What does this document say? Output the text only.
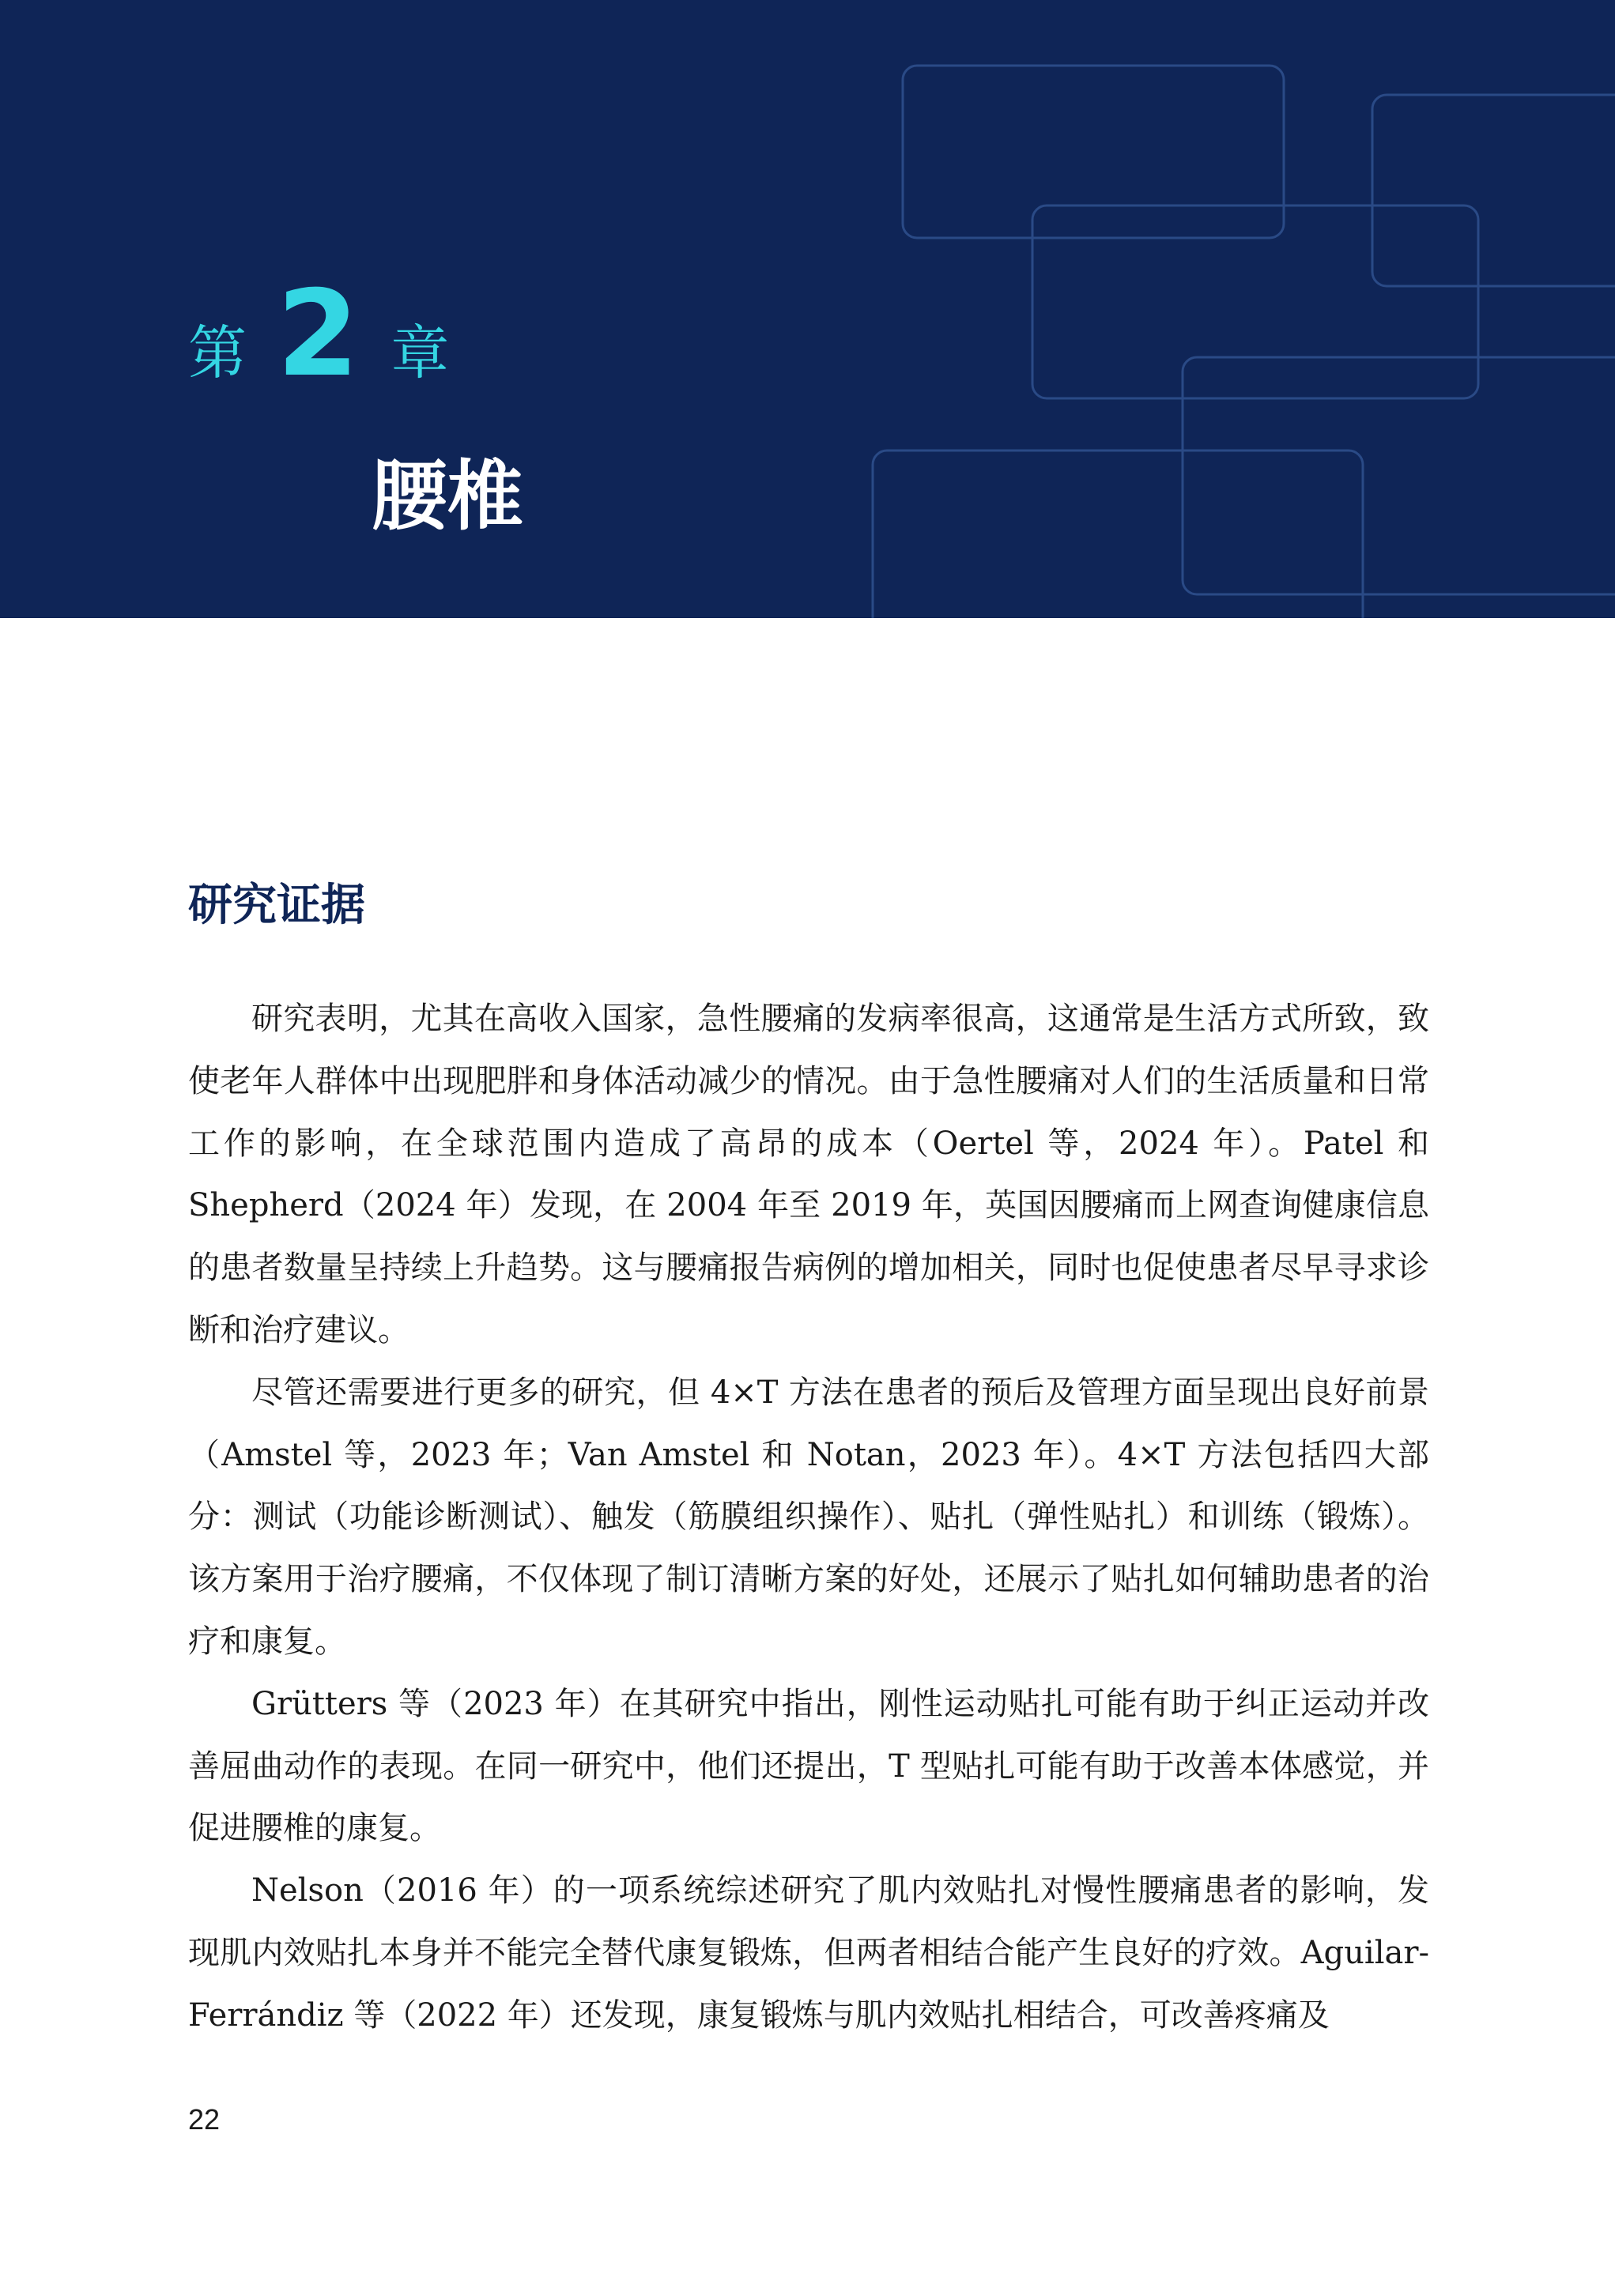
第 2 章
腰椎
研究证据

研究表明，尤其在高收入国家，急性腰痛的发病率很高，这通常是生活方式所致，致使老年人群体中出现肥胖和身体活动减少的情况。由于急性腰痛对人们的生活质量和日常工作的影响，在全球范围内造成了高昂的成本（Oertel 等，2024 年）。Patel 和 Shepherd（2024 年）发现，在 2004 年至 2019 年，英国因腰痛而上网查询健康信息的患者数量呈持续上升趋势。这与腰痛报告病例的增加相关，同时也促使患者尽早寻求诊断和治疗建议。

尽管还需要进行更多的研究，但 4×T 方法在患者的预后及管理方面呈现出良好前景（Amstel 等，2023 年；Van Amstel 和 Notan，2023 年）。4×T 方法包括四大部分：测试（功能诊断测试）、触发（筋膜组织操作）、贴扎（弹性贴扎）和训练（锻炼）。该方案用于治疗腰痛，不仅体现了制订清晰方案的好处，还展示了贴扎如何辅助患者的治疗和康复。

Grütters 等（2023 年）在其研究中指出，刚性运动贴扎可能有助于纠正运动并改善屈曲动作的表现。在同一研究中，他们还提出，T 型贴扎可能有助于改善本体感觉，并促进腰椎的康复。

Nelson（2016 年）的一项系统综述研究了肌内效贴扎对慢性腰痛患者的影响，发现肌内效贴扎本身并不能完全替代康复锻炼，但两者相结合能产生良好的疗效。Aguilar-Ferrándiz 等（2022 年）还发现，康复锻炼与肌内效贴扎相结合，可改善疼痛及

22
